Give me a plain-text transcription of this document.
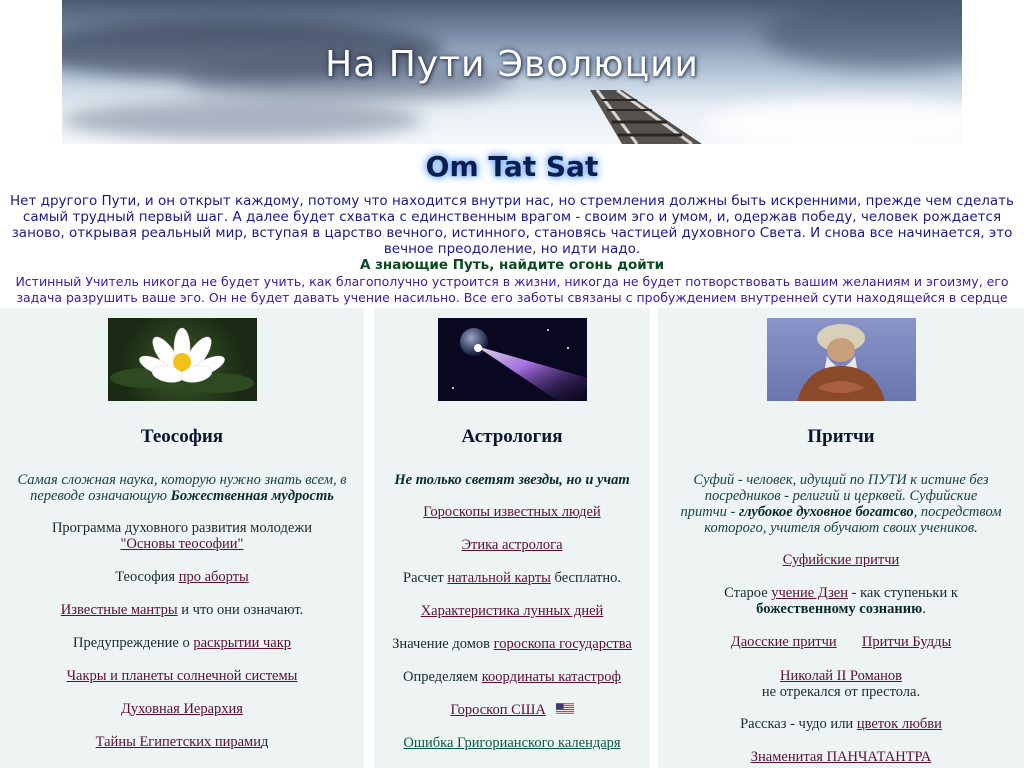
На Пути Эволюции
Om Tat Sat

Нет другого Пути, и он открыт каждому, потому что находится внутри нас, но стремления должны быть искренними, прежде чем сделать самый трудный первый шаг. А далее будет схватка с единственным врагом - своим эго и умом, и, одержав победу, человек рождается заново, открывая реальный мир, вступая в царство вечного, истинного, становясь частицей духовного Света. И снова все начинается, это вечное преодоление, но идти надо.

А знающие Путь, найдите огонь дойти
Истинный Учитель никогда не будет учить, как благополучно устроится в жизни, никогда не будет потворствовать вашим желаниям и эгоизму, его задача разрушить ваше эго. Он не будет давать учение насильно. Все его заботы связаны с пробуждением внутренней сути находящейся в сердце
Теософия
Самая сложная наука, которую нужно знать всем, в переводе означающую Божественная мудрость
Программа духовного развития молодежи
"Основы теософии"
Теософия про аборты
Известные мантры и что они означают.
Предупреждение о раскрытии чакр
Чакры и планеты солнечной системы
Духовная Иерархия
Тайны Египетских пирамид
Астрология
Не только светят звезды, но и учат
Гороскопы известных людей
Этика астролога
Расчет натальной карты бесплатно.
Характеристика лунных дней
Значение домов гороскопа государства
Определяем координаты катастроф
Гороскоп США
Ошибка Григорианского календаря
Притчи
Суфий - человек, идущий по ПУТИ к истине без посредников - религий и церквей. Суфийские притчи - глубокое духовное богатсво, посредством которого, учителя обучают своих учеников.
Суфийские притчи
Старое учение Дзен - как ступеньки к
божественному сознанию.
Даосские притчи Притчи Будды
Николай II Романов
не отрекался от престола.
Рассказ - чудо или цветок любви
Знаменитая ПАНЧАТАНТРА
